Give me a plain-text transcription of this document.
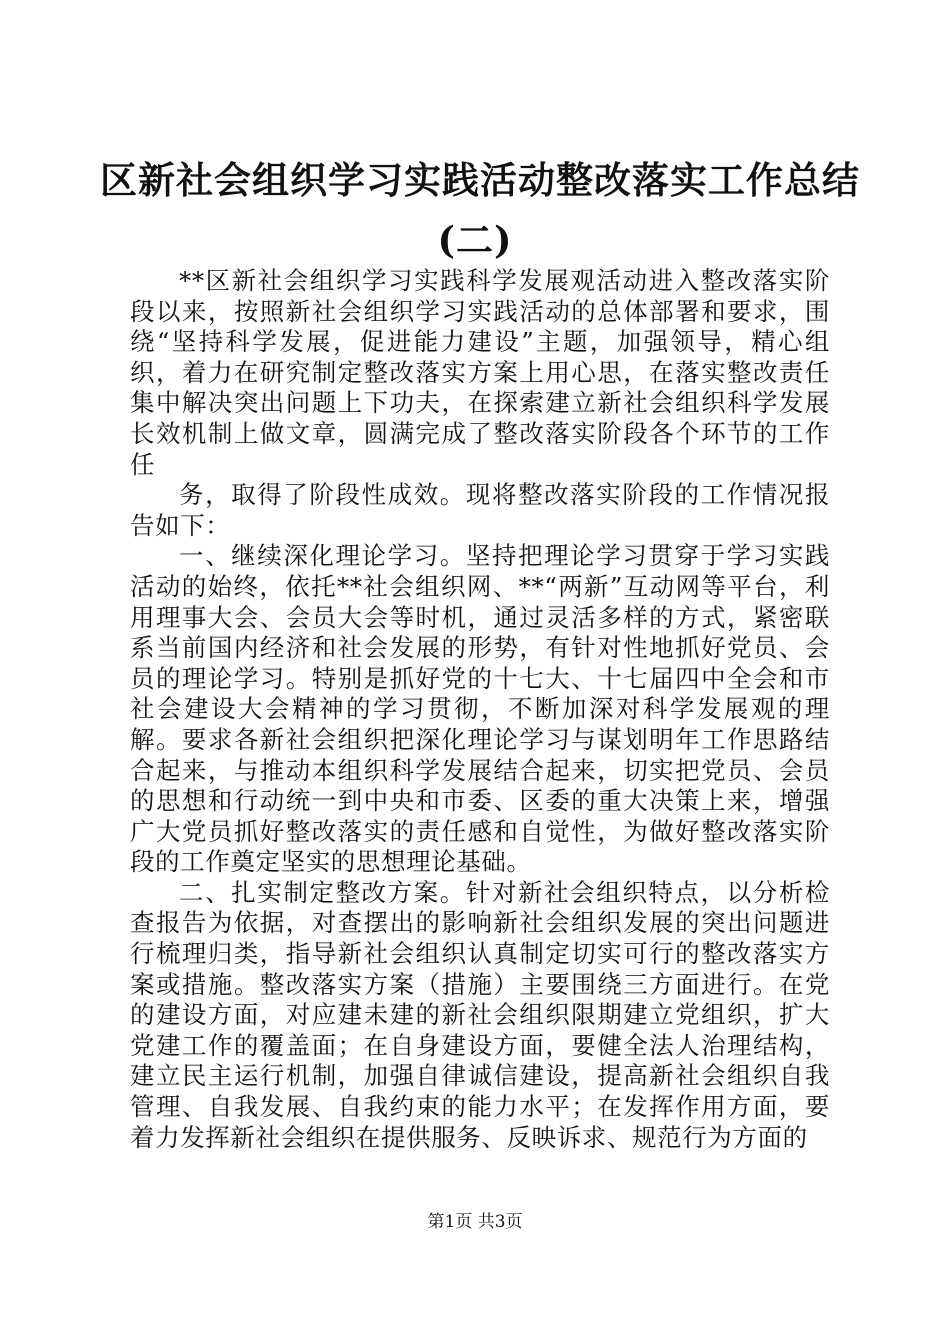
区新社会组织学习实践活动整改落实工作总结
(二)

**区新社会组织学习实践科学发展观活动进入整改落实阶段以来，按照新社会组织学习实践活动的总体部署和要求，围绕“坚持科学发展，促进能力建设”主题，加强领导，精心组织，着力在研究制定整改落实方案上用心思，在落实整改责任集中解决突出问题上下功夫，在探索建立新社会组织科学发展长效机制上做文章，圆满完成了整改落实阶段各个环节的工作任

务，取得了阶段性成效。现将整改落实阶段的工作情况报告如下：

一、继续深化理论学习。坚持把理论学习贯穿于学习实践活动的始终，依托**社会组织网、**“两新”互动网等平台，利用理事大会、会员大会等时机，通过灵活多样的方式，紧密联系当前国内经济和社会发展的形势，有针对性地抓好党员、会员的理论学习。特别是抓好党的十七大、十七届四中全会和市社会建设大会精神的学习贯彻，不断加深对科学发展观的理解。要求各新社会组织把深化理论学习与谋划明年工作思路结合起来，与推动本组织科学发展结合起来，切实把党员、会员的思想和行动统一到中央和市委、区委的重大决策上来，增强广大党员抓好整改落实的责任感和自觉性，为做好整改落实阶段的工作奠定坚实的思想理论基础。

二、扎实制定整改方案。针对新社会组织特点，以分析检查报告为依据，对查摆出的影响新社会组织发展的突出问题进行梳理归类，指导新社会组织认真制定切实可行的整改落实方案或措施。整改落实方案（措施）主要围绕三方面进行。在党的建设方面，对应建未建的新社会组织限期建立党组织，扩大党建工作的覆盖面；在自身建设方面，要健全法人治理结构，建立民主运行机制，加强自律诚信建设，提高新社会组织自我管理、自我发展、自我约束的能力水平；在发挥作用方面，要着力发挥新社会组织在提供服务、反映诉求、规范行为方面的

第1页 共3页
